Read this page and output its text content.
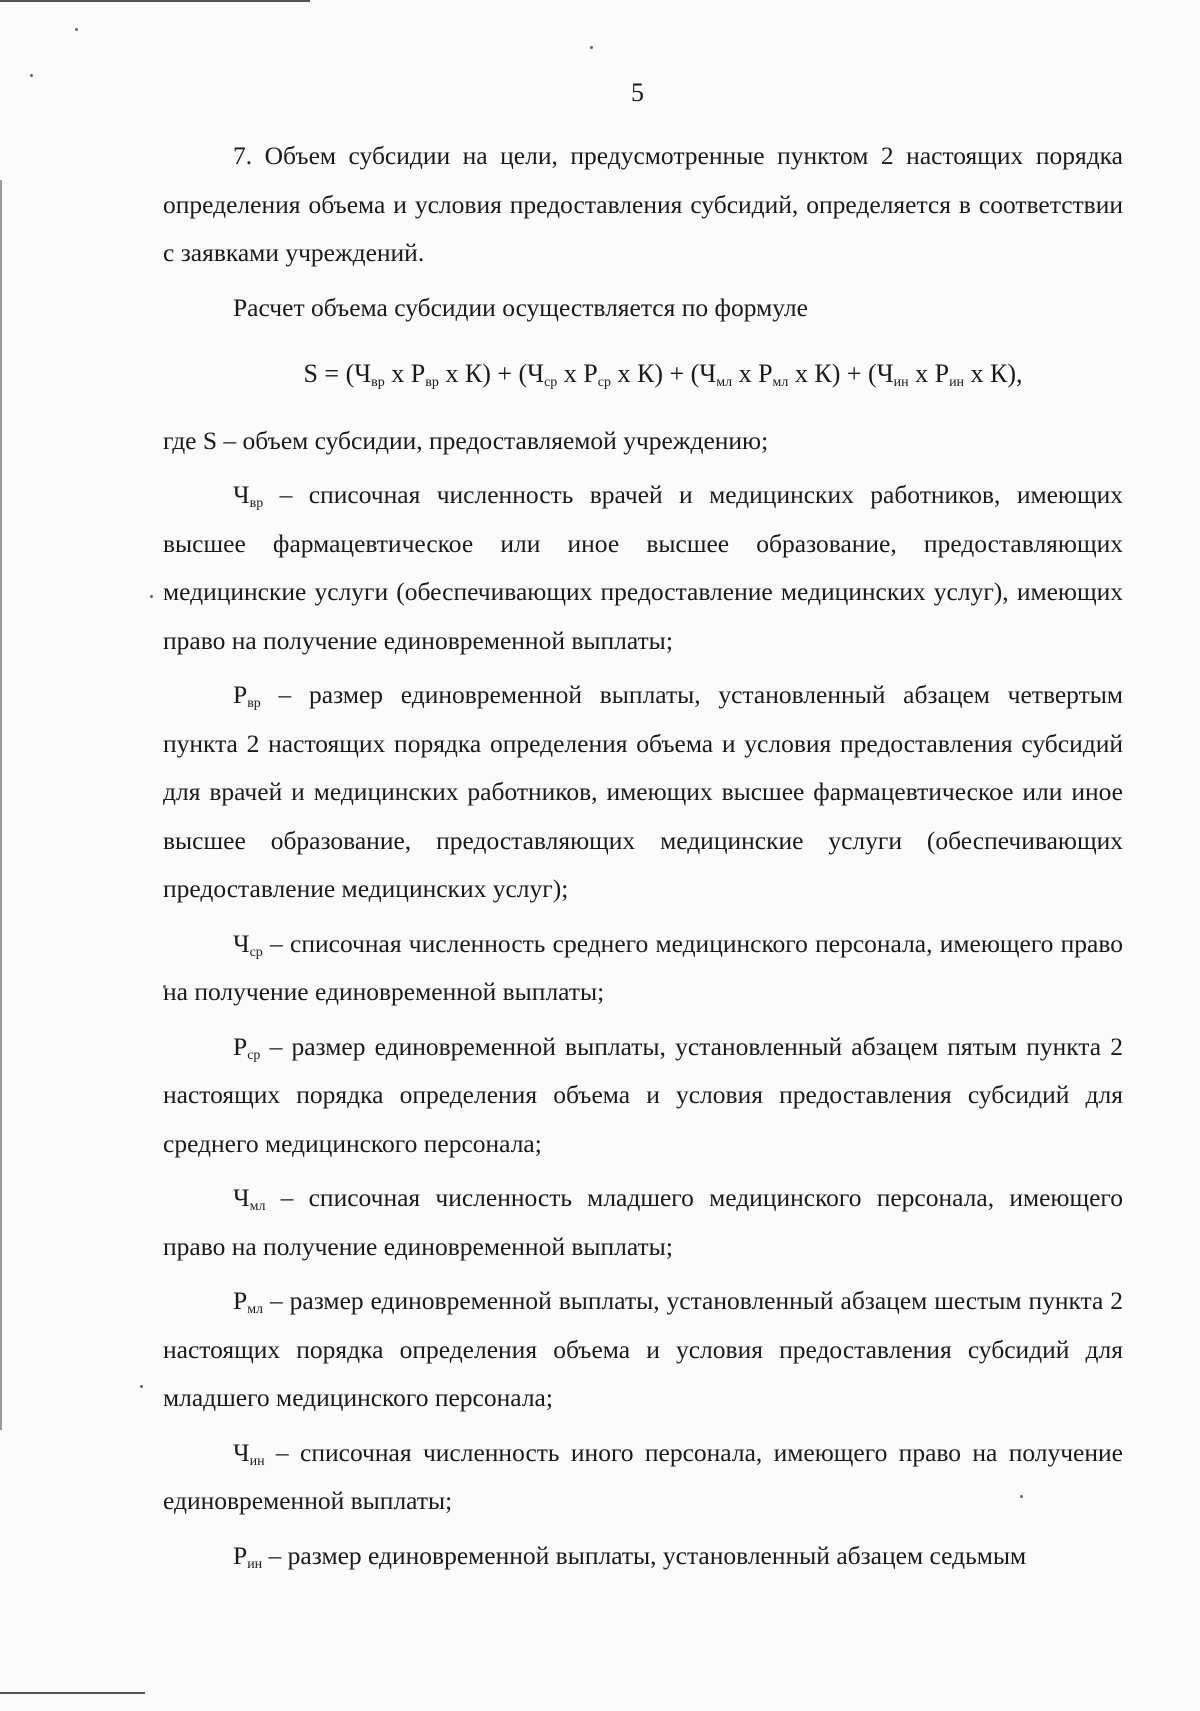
5

7. Объем субсидии на цели, предусмотренные пунктом 2 настоящих порядка определения объема и условия предоставления субсидий, определяется в соответствии с заявками учреждений.

Расчет объема субсидии осуществляется по формуле

$S = (Ч_{вр}$ х $Р_{вр}$ х $К) + (Ч_{ср}$ х $Р_{ср}$ х $К) + (Ч_{мл}$ х $Р_{мл}$ х $К) + (Ч_{ин}$ х $Р_{ин}$ х К),

где S – объем субсидии, предоставляемой учреждению;

$Ч_{вр}$ – списочная численность врачей и медицинских работников, имеющих высшее фармацевтическое или иное высшее образование, предоставляющих медицинские услуги (обеспечивающих предоставление медицинских услуг), имеющих право на получение единовременной выплаты;

$Р_{вр}$ – размер единовременной выплаты, установленный абзацем четвертым пункта 2 настоящих порядка определения объема и условия предоставления субсидий для врачей и медицинских работников, имеющих высшее фармацевтическое или иное высшее образование, предоставляющих медицинские услуги (обеспечивающих предоставление медицинских услуг);

$Ч_{ср}$ – списочная численность среднего медицинского персонала, имеющего право на получение единовременной выплаты;

$Р_{ср}$ – размер единовременной выплаты, установленный абзацем пятым пункта 2 настоящих порядка определения объема и условия предоставления субсидий для среднего медицинского персонала;

$Ч_{мл}$ – списочная численность младшего медицинского персонала, имеющего право на получение единовременной выплаты;

$Р_{мл}$ – размер единовременной выплаты, установленный абзацем шестым пункта 2 настоящих порядка определения объема и условия предоставления субсидий для младшего медицинского персонала;

$Ч_{ин}$ – списочная численность иного персонала, имеющего право на получение единовременной выплаты;

$Р_{ин}$ – размер единовременной выплаты, установленный абзацем седьмым
